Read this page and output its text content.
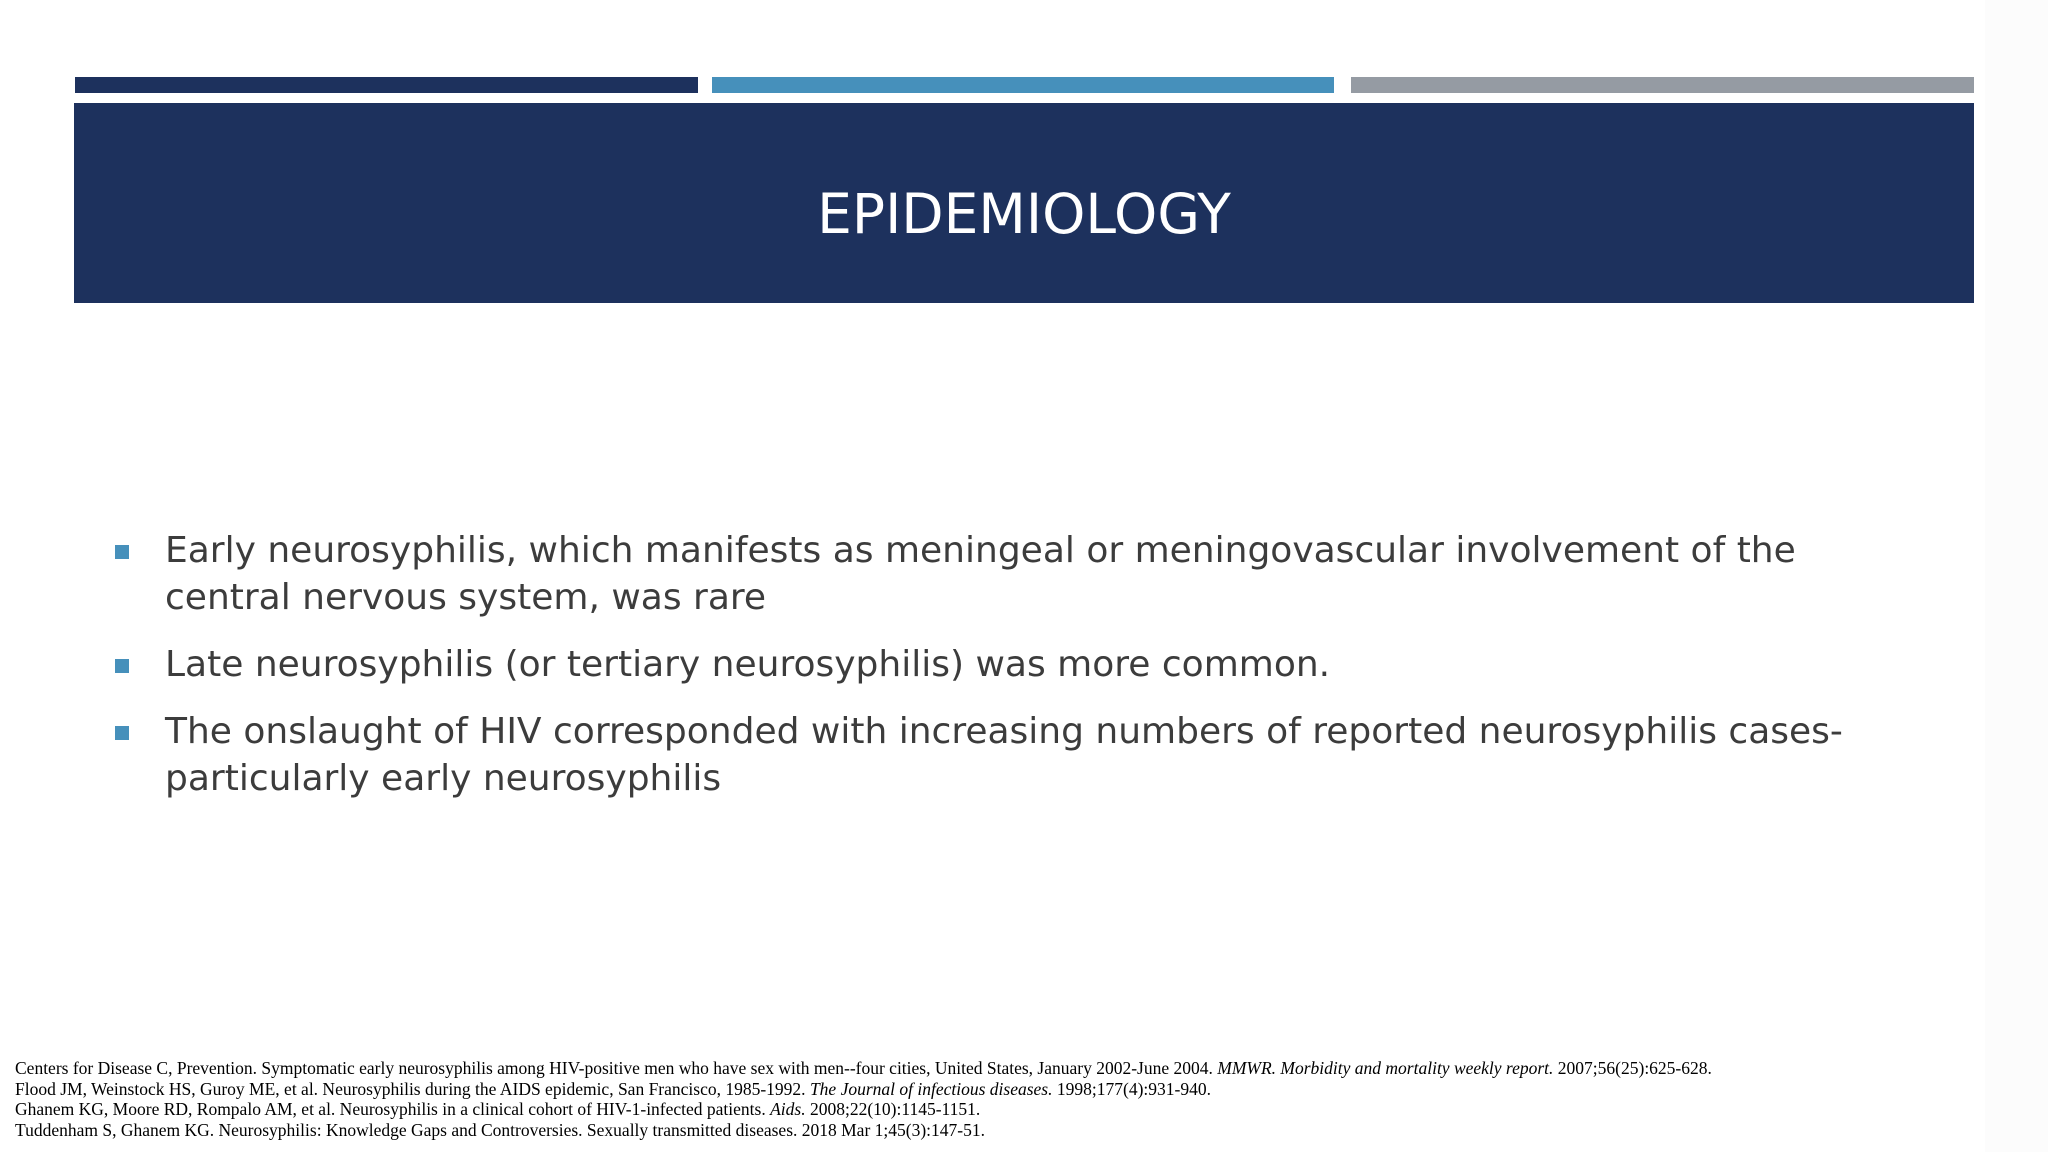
EPIDEMIOLOGY
Early neurosyphilis, which manifests as meningeal or meningovascular involvement of the central nervous system, was rare
Late neurosyphilis (or tertiary neurosyphilis) was more common.
The onslaught of HIV corresponded with increasing numbers of reported neurosyphilis cases- particularly early neurosyphilis
Centers for Disease C, Prevention. Symptomatic early neurosyphilis among HIV-positive men who have sex with men--four cities, United States, January 2002-June 2004. MMWR. Morbidity and mortality weekly report. 2007;56(25):625-628.
Flood JM, Weinstock HS, Guroy ME, et al. Neurosyphilis during the AIDS epidemic, San Francisco, 1985-1992. The Journal of infectious diseases. 1998;177(4):931-940.
Ghanem KG, Moore RD, Rompalo AM, et al. Neurosyphilis in a clinical cohort of HIV-1-infected patients. Aids. 2008;22(10):1145-1151.
Tuddenham S, Ghanem KG. Neurosyphilis: Knowledge Gaps and Controversies. Sexually transmitted diseases. 2018 Mar 1;45(3):147-51.
